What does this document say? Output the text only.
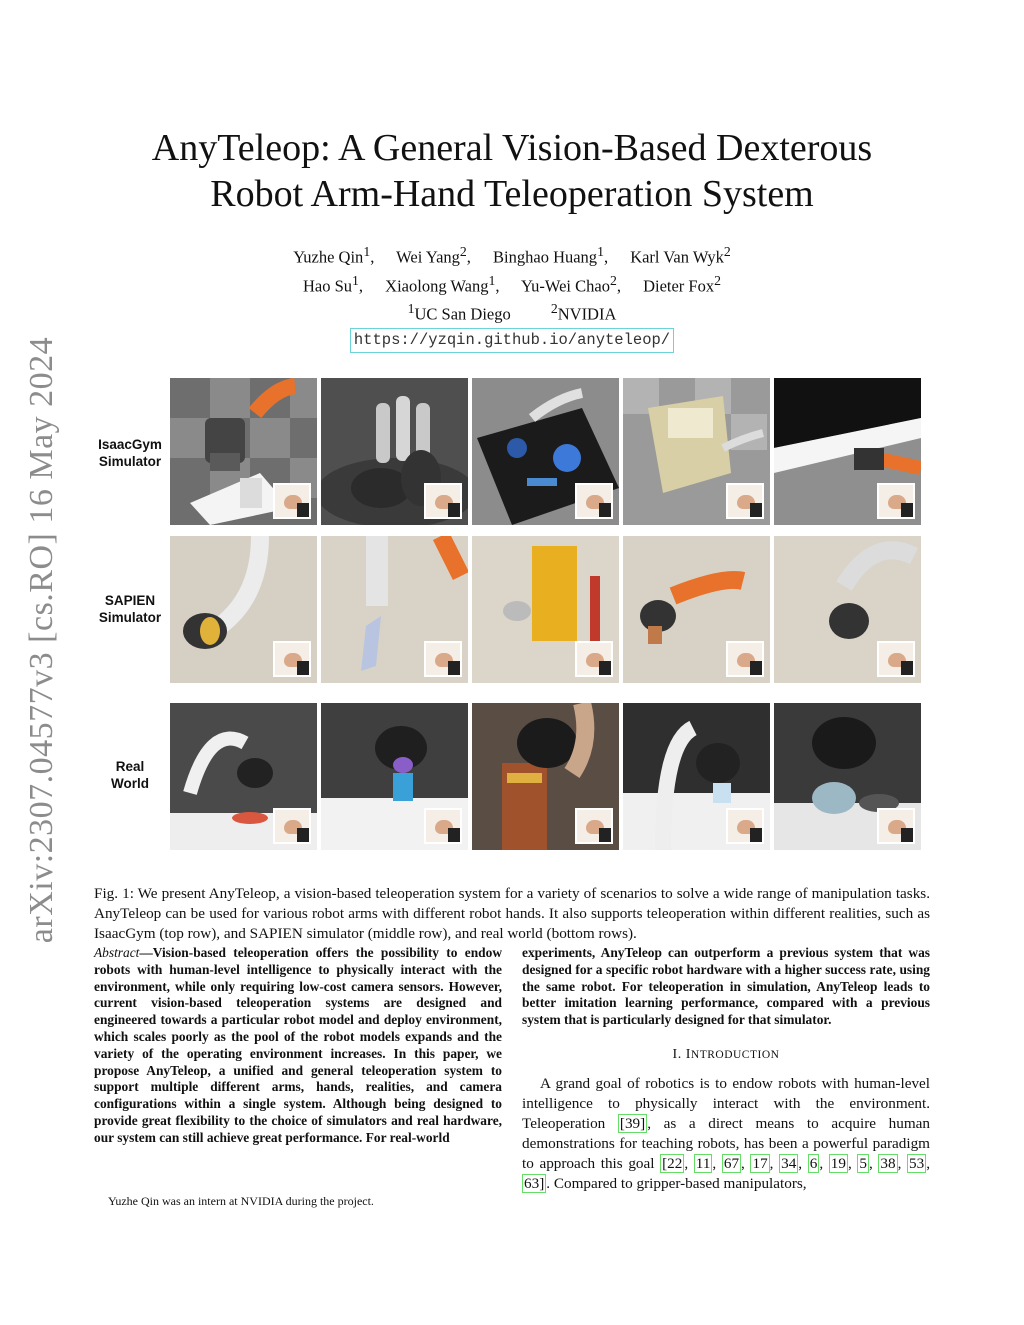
arXiv:2307.04577v3 [cs.RO] 16 May 2024
AnyTeleop: A General Vision-Based Dexterous
Robot Arm-Hand Teleoperation System
Yuzhe Qin$^1$, Wei Yang$^2$, Binghao Huang$^1$, Karl Van Wyk$^2$
Hao Su$^1$, Xiaolong Wang$^1$, Yu-Wei Chao$^2$, Dieter Fox$^2$
$^1$UC San Diego	$^2$NVIDIA
https://yzqin.github.io/anyteleop/
IsaacGym
Simulator
SAPIEN
Simulator
Real
World

Fig. 1: We present AnyTeleop, a vision-based teleoperation system for a variety of scenarios to solve a wide range of manipulation tasks. AnyTeleop can be used for various robot arms with different robot hands. It also supports teleoperation within different realities, such as IsaacGym (top row), and SAPIEN simulator (middle row), and real world (bottom rows).

Abstract—Vision-based teleoperation offers the possibility to endow robots with human-level intelligence to physically interact with the environment, while only requiring low-cost camera sensors. However, current vision-based teleoperation systems are designed and engineered towards a particular robot model and deploy environment, which scales poorly as the pool of the robot models expands and the variety of the operating environment increases. In this paper, we propose AnyTeleop, a unified and general teleoperation system to support multiple different arms, hands, realities, and camera configurations within a single system. Although being designed to provide great flexibility to the choice of simulators and real hardware, our system can still achieve great performance. For real-world
experiments, AnyTeleop can outperform a previous system that was designed for a specific robot hardware with a higher success rate, using the same robot. For teleoperation in simulation, AnyTeleop leads to better imitation learning performance, compared with a previous system that is particularly designed for that simulator.
I. INTRODUCTION
A grand goal of robotics is to endow robots with human-level intelligence to physically interact with the environment. Teleoperation [39] , as a direct means to acquire human demonstrations for teaching robots, has been a powerful paradigm to approach this goal [22 , 11 , 67 , 17 , 34 , 6 , 19 , 5 , 38 , 53 , 63] . Compared to gripper-based manipulators,
Yuzhe Qin was an intern at NVIDIA during the project.
